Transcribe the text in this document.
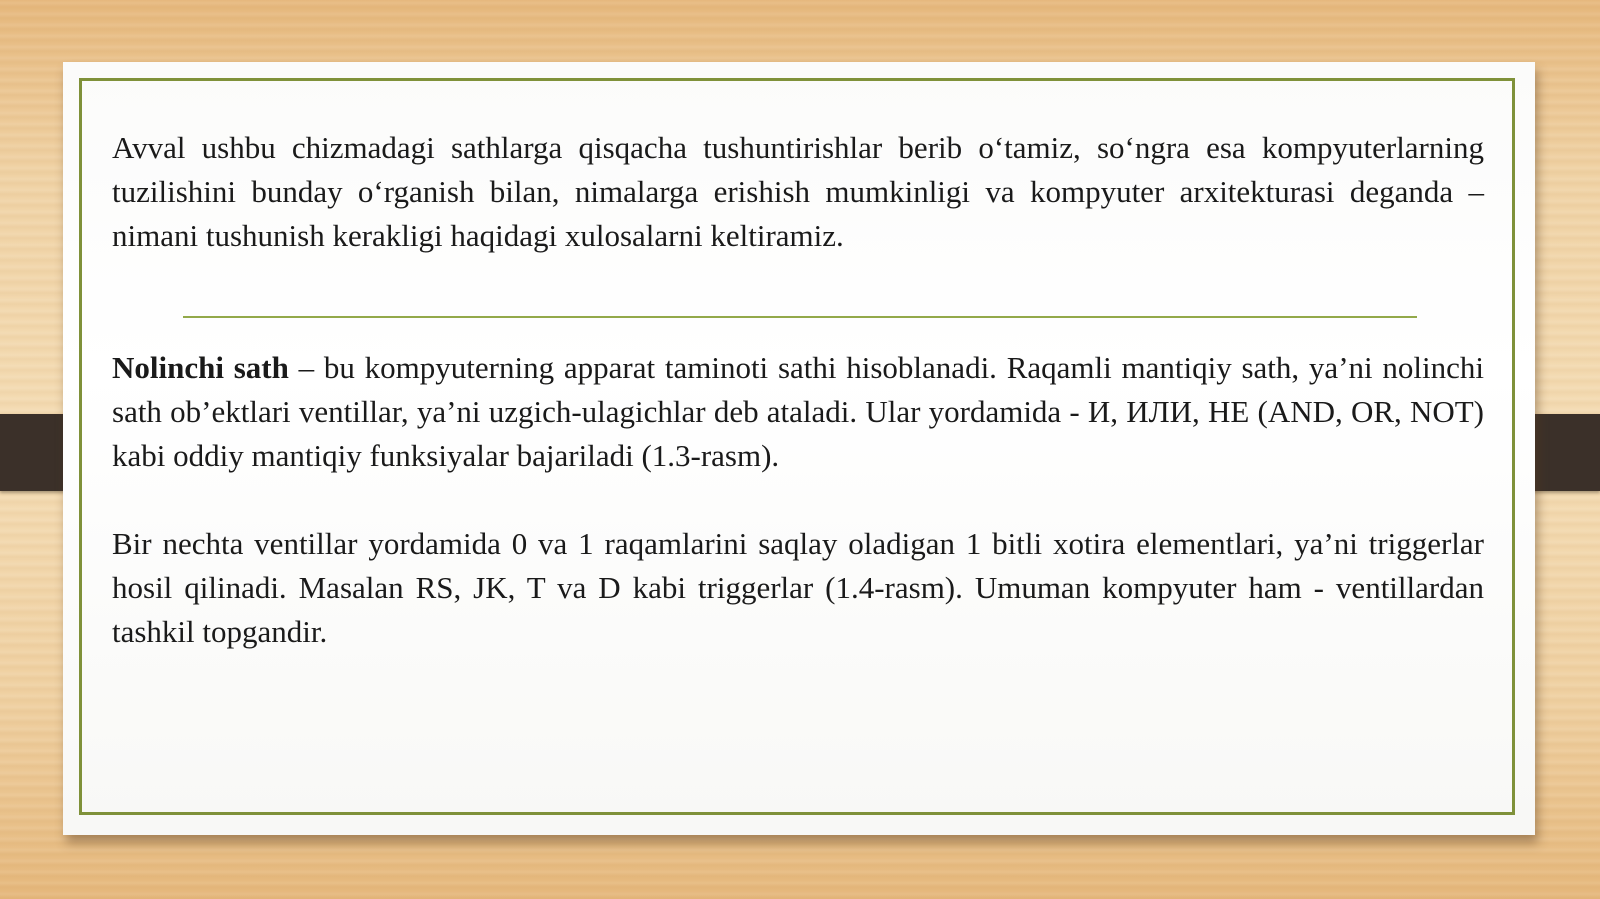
Avval ushbu chizmadagi sathlarga qisqacha tushuntirishlar berib o‘tamiz, so‘ngra esa kompyuterlarning tuzilishini bunday o‘rganish bilan, nimalarga erishish mumkinligi va kompyuter arxitekturasi deganda – nimani tushunish kerakligi haqidagi xulosalarni keltiramiz.

Nolinchi sath – bu kompyuterning apparat taminoti sathi hisoblanadi. Raqamli mantiqiy sath, ya’ni nolinchi sath ob’ektlari ventillar, ya’ni uzgich-ulagichlar deb ataladi. Ular yordamida - И, ИЛИ, НЕ (AND, OR, NOT) kabi oddiy mantiqiy funksiyalar bajariladi (1.3-rasm).

Bir nechta ventillar yordamida 0 va 1 raqamlarini saqlay oladigan 1 bitli xotira elementlari, ya’ni triggerlar hosil qilinadi. Masalan RS, JK, T va D kabi triggerlar (1.4-rasm). Umuman kompyuter ham - ventillardan tashkil topgandir.
